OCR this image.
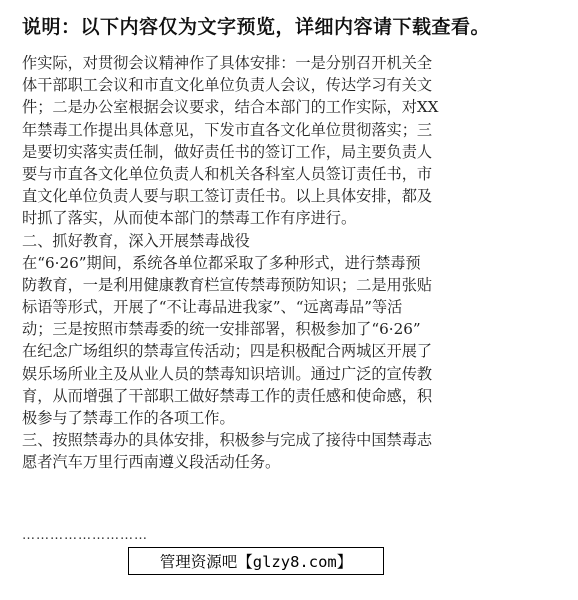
说明：以下内容仅为文字预览，详细内容请下载查看。
作实际，对贯彻会议精神作了具体安排：一是分别召开机关全
体干部职工会议和市直文化单位负责人会议，传达学习有关文
件；二是办公室根据会议要求，结合本部门的工作实际，对XX
年禁毒工作提出具体意见，下发市直各文化单位贯彻落实；三
是要切实落实责任制，做好责任书的签订工作，局主要负责人
要与市直各文化单位负责人和机关各科室人员签订责任书，市
直文化单位负责人要与职工签订责任书。以上具体安排，都及
时抓了落实，从而使本部门的禁毒工作有序进行。
二、抓好教育，深入开展禁毒战役
在“6·26”期间，系统各单位都采取了多种形式，进行禁毒预
防教育，一是利用健康教育栏宣传禁毒预防知识；二是用张贴
标语等形式，开展了“不让毒品进我家”、“远离毒品”等活
动；三是按照市禁毒委的统一安排部署，积极参加了“6·26”
在纪念广场组织的禁毒宣传活动；四是积极配合两城区开展了
娱乐场所业主及从业人员的禁毒知识培训。通过广泛的宣传教
育，从而增强了干部职工做好禁毒工作的责任感和使命感，积
极参与了禁毒工作的各项工作。
三、按照禁毒办的具体安排，积极参与完成了接待中国禁毒志
愿者汽车万里行西南遵义段活动任务。
………………………
管理资源吧【glzy8.com】
